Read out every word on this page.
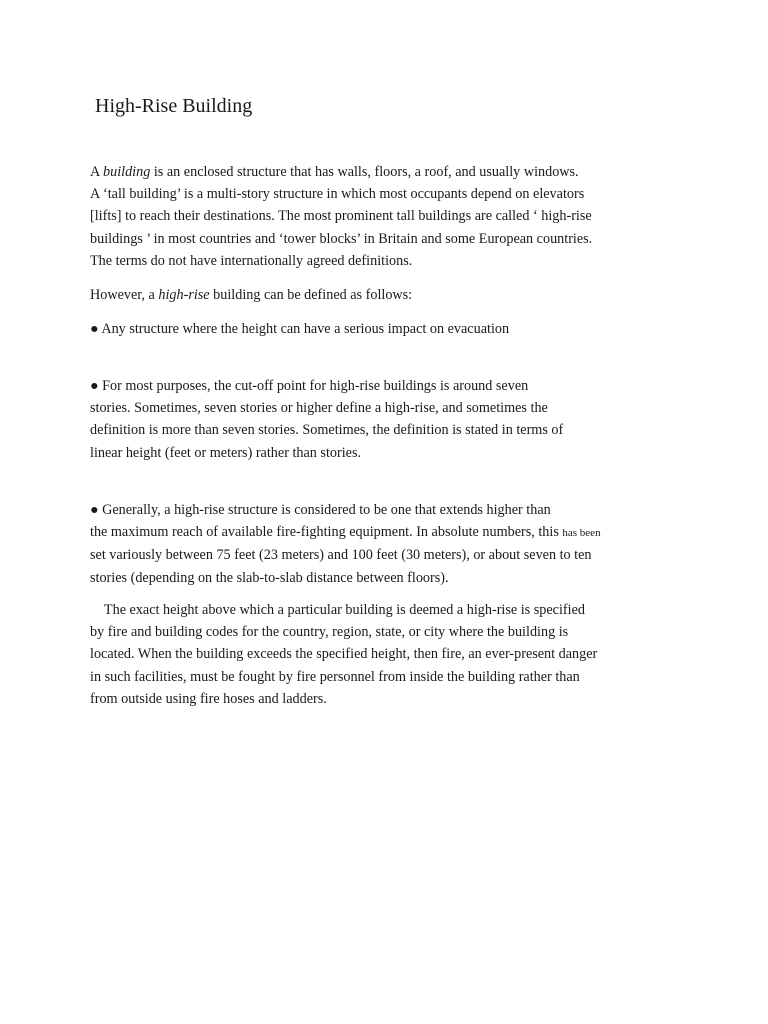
High-Rise Building

A building is an enclosed structure that has walls, floors, a roof, and usually windows.
A ‘tall building’ is a multi-story structure in which most occupants depend on elevators
[lifts] to reach their destinations. The most prominent tall buildings are called ‘ high-rise
buildings ’ in most countries and ‘tower blocks’ in Britain and some European countries.
The terms do not have internationally agreed definitions.

However, a high-rise building can be defined as follows:

● Any structure where the height can have a serious impact on evacuation

● For most purposes, the cut-off point for high-rise buildings is around seven
stories. Sometimes, seven stories or higher define a high-rise, and sometimes the
definition is more than seven stories. Sometimes, the definition is stated in terms of
linear height (feet or meters) rather than stories.

● Generally, a high-rise structure is considered to be one that extends higher than
the maximum reach of available fire-fighting equipment. In absolute numbers, this has been
set variously between 75 feet (23 meters) and 100 feet (30 meters), or about seven to ten
stories (depending on the slab-to-slab distance between floors).

The exact height above which a particular building is deemed a high-rise is specified
by fire and building codes for the country, region, state, or city where the building is
located. When the building exceeds the specified height, then fire, an ever-present danger
in such facilities, must be fought by fire personnel from inside the building rather than
from outside using fire hoses and ladders.
